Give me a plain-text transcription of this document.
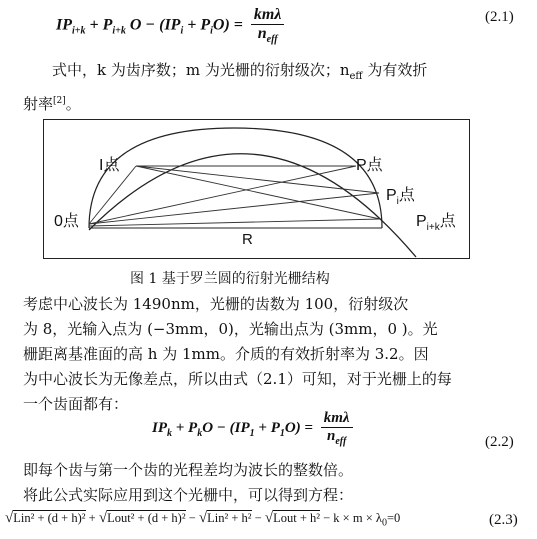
$IP_{i+k} + P_{i+k}$ $O - (IP_i + P_iO) = \frac{\text{kmλ}}{n_{eff}}$	(2.1)
式中，k 为齿序数；m 为光栅的衍射级次；$n_{eff}$ 为有效折
射率[2]。
I点	P点
$P_i$点
0点	$P_{i+k}$点
R
图 1 基于罗兰圆的衍射光栅结构
考虑中心波长为 1490nm，光栅的齿数为 100，衍射级次
为 8，光输入点为 (−3mm，0)，光输出点为 (3mm，0 )。光
栅距离基准面的高 h 为 1mm。介质的有效折射率为 3.2。因
为中心波长为无像差点，所以由式（2.1）可知，对于光栅上的每
一个齿面都有：
$IP_k + P_kO - (IP_1 + P_1O) = \frac{\text{kmλ}}{n_{eff}}$	(2.2)
即每个齿与第一个齿的光程差均为波长的整数倍。
将此公式实际应用到这个光栅中，可以得到方程：
√Lin² + (d + h)² + √Lout² + (d + h)² − √Lin² + h² − √Lout + $h^2 - k \times m \times \lambda_0=0$	(2.3)
